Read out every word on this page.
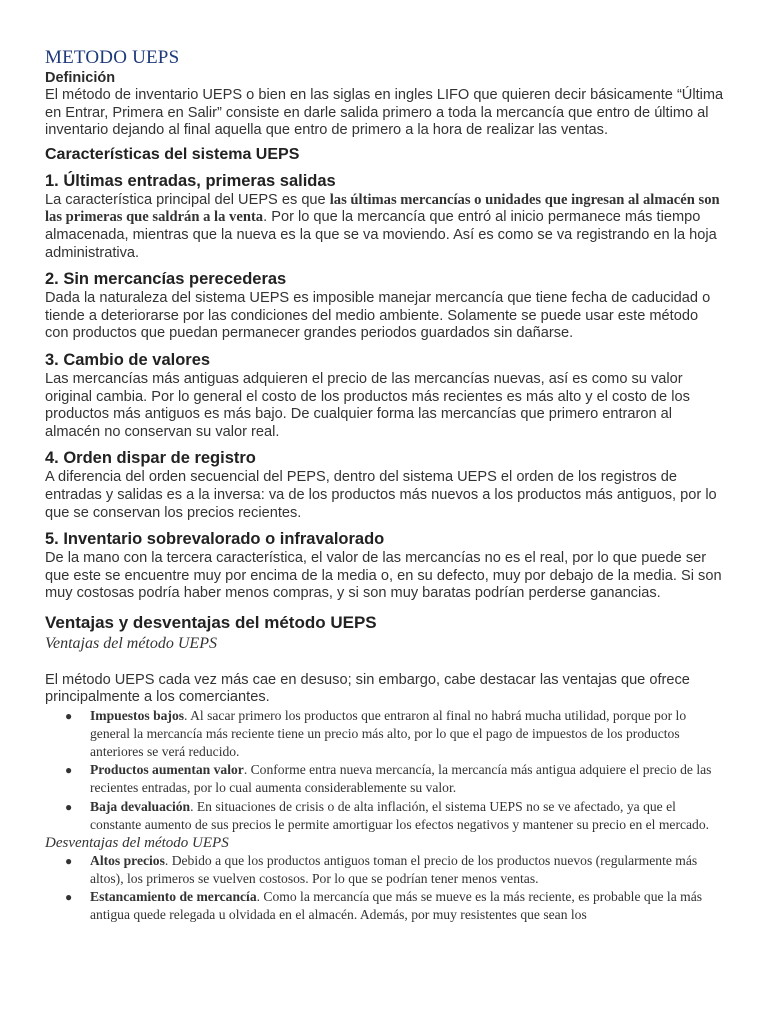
METODO UEPS
Definición

El método de inventario UEPS o bien en las siglas en ingles LIFO que quieren decir básicamente “Última en Entrar, Primera en Salir” consiste en darle salida primero a toda la mercancía que entro de último al inventario dejando al final aquella que entro de primero a la hora de realizar las ventas.

Características del sistema UEPS
1. Últimas entradas, primeras salidas

La característica principal del UEPS es que las últimas mercancías o unidades que ingresan al almacén son las primeras que saldrán a la venta. Por lo que la mercancía que entró al inicio permanece más tiempo almacenada, mientras que la nueva es la que se va moviendo. Así es como se va registrando en la hoja administrativa.

2. Sin mercancías perecederas

Dada la naturaleza del sistema UEPS es imposible manejar mercancía que tiene fecha de caducidad o tiende a deteriorarse por las condiciones del medio ambiente. Solamente se puede usar este método con productos que puedan permanecer grandes periodos guardados sin dañarse.

3. Cambio de valores

Las mercancías más antiguas adquieren el precio de las mercancías nuevas, así es como su valor original cambia. Por lo general el costo de los productos más recientes es más alto y el costo de los productos más antiguos es más bajo. De cualquier forma las mercancías que primero entraron al almacén no conservan su valor real.

4. Orden dispar de registro

A diferencia del orden secuencial del PEPS, dentro del sistema UEPS el orden de los registros de entradas y salidas es a la inversa: va de los productos más nuevos a los productos más antiguos, por lo que se conservan los precios recientes.

5. Inventario sobrevalorado o infravalorado

De la mano con la tercera característica, el valor de las mercancías no es el real, por lo que puede ser que este se encuentre muy por encima de la media o, en su defecto, muy por debajo de la media. Si son muy costosas podría haber menos compras, y si son muy baratas podrían perderse ganancias.

Ventajas y desventajas del método UEPS
Ventajas del método UEPS

El método UEPS cada vez más cae en desuso; sin embargo, cabe destacar las ventajas que ofrece principalmente a los comerciantes.

● Impuestos bajos. Al sacar primero los productos que entraron al final no habrá mucha utilidad, porque por lo general la mercancía más reciente tiene un precio más alto, por lo que el pago de impuestos de los productos anteriores se verá reducido.
● Productos aumentan valor. Conforme entra nueva mercancía, la mercancía más antigua adquiere el precio de las recientes entradas, por lo cual aumenta considerablemente su valor.
● Baja devaluación. En situaciones de crisis o de alta inflación, el sistema UEPS no se ve afectado, ya que el constante aumento de sus precios le permite amortiguar los efectos negativos y mantener su precio en el mercado.
Desventajas del método UEPS
● Altos precios. Debido a que los productos antiguos toman el precio de los productos nuevos (regularmente más altos), los primeros se vuelven costosos. Por lo que se podrían tener menos ventas.
● Estancamiento de mercancía. Como la mercancía que más se mueve es la más reciente, es probable que la más antigua quede relegada u olvidada en el almacén. Además, por muy resistentes que sean los
